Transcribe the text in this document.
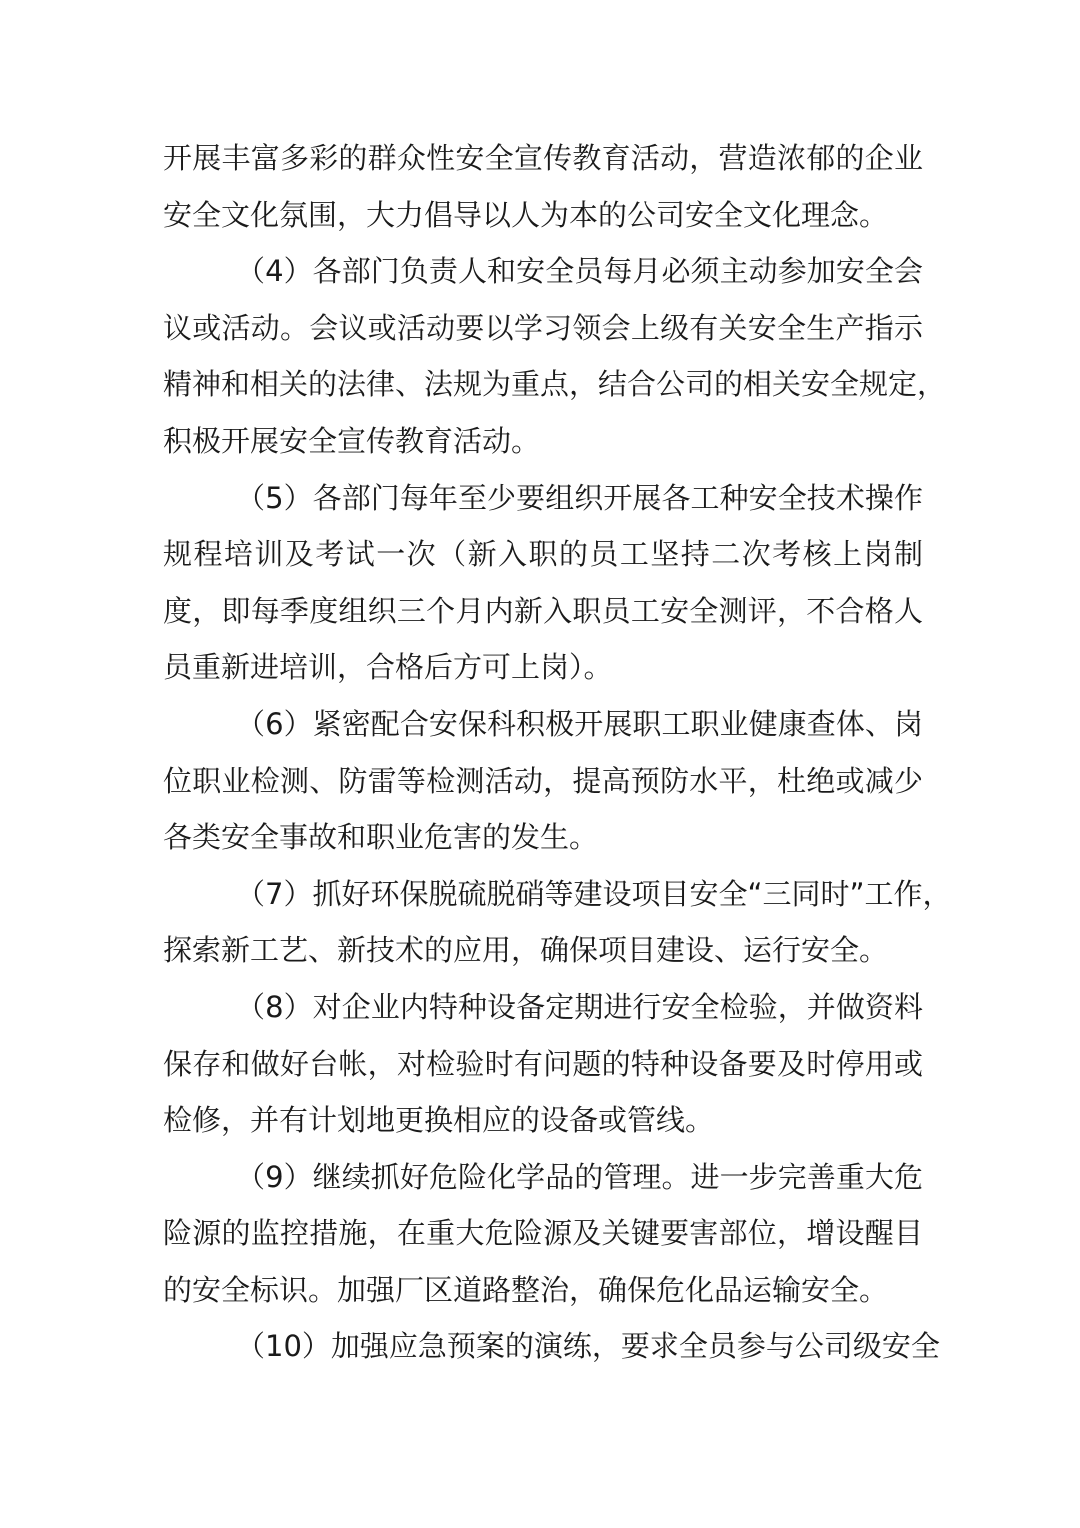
开展丰富多彩的群众性安全宣传教育活动，营造浓郁的企业
安全文化氛围，大力倡导以人为本的公司安全文化理念。
（4）各部门负责人和安全员每月必须主动参加安全会
议或活动。会议或活动要以学习领会上级有关安全生产指示
精神和相关的法律、法规为重点，结合公司的相关安全规定，
积极开展安全宣传教育活动。
（5）各部门每年至少要组织开展各工种安全技术操作
规程培训及考试一次（新入职的员工坚持二次考核上岗制
度，即每季度组织三个月内新入职员工安全测评，不合格人
员重新进培训，合格后方可上岗）。
（6）紧密配合安保科积极开展职工职业健康查体、岗
位职业检测、防雷等检测活动，提高预防水平，杜绝或减少
各类安全事故和职业危害的发生。
（7）抓好环保脱硫脱硝等建设项目安全“三同时”工作，
探索新工艺、新技术的应用，确保项目建设、运行安全。
（8）对企业内特种设备定期进行安全检验，并做资料
保存和做好台帐，对检验时有问题的特种设备要及时停用或
检修，并有计划地更换相应的设备或管线。
（9）继续抓好危险化学品的管理。进一步完善重大危
险源的监控措施，在重大危险源及关键要害部位，增设醒目
的安全标识。加强厂区道路整治，确保危化品运输安全。
（10）加强应急预案的演练，要求全员参与公司级安全
